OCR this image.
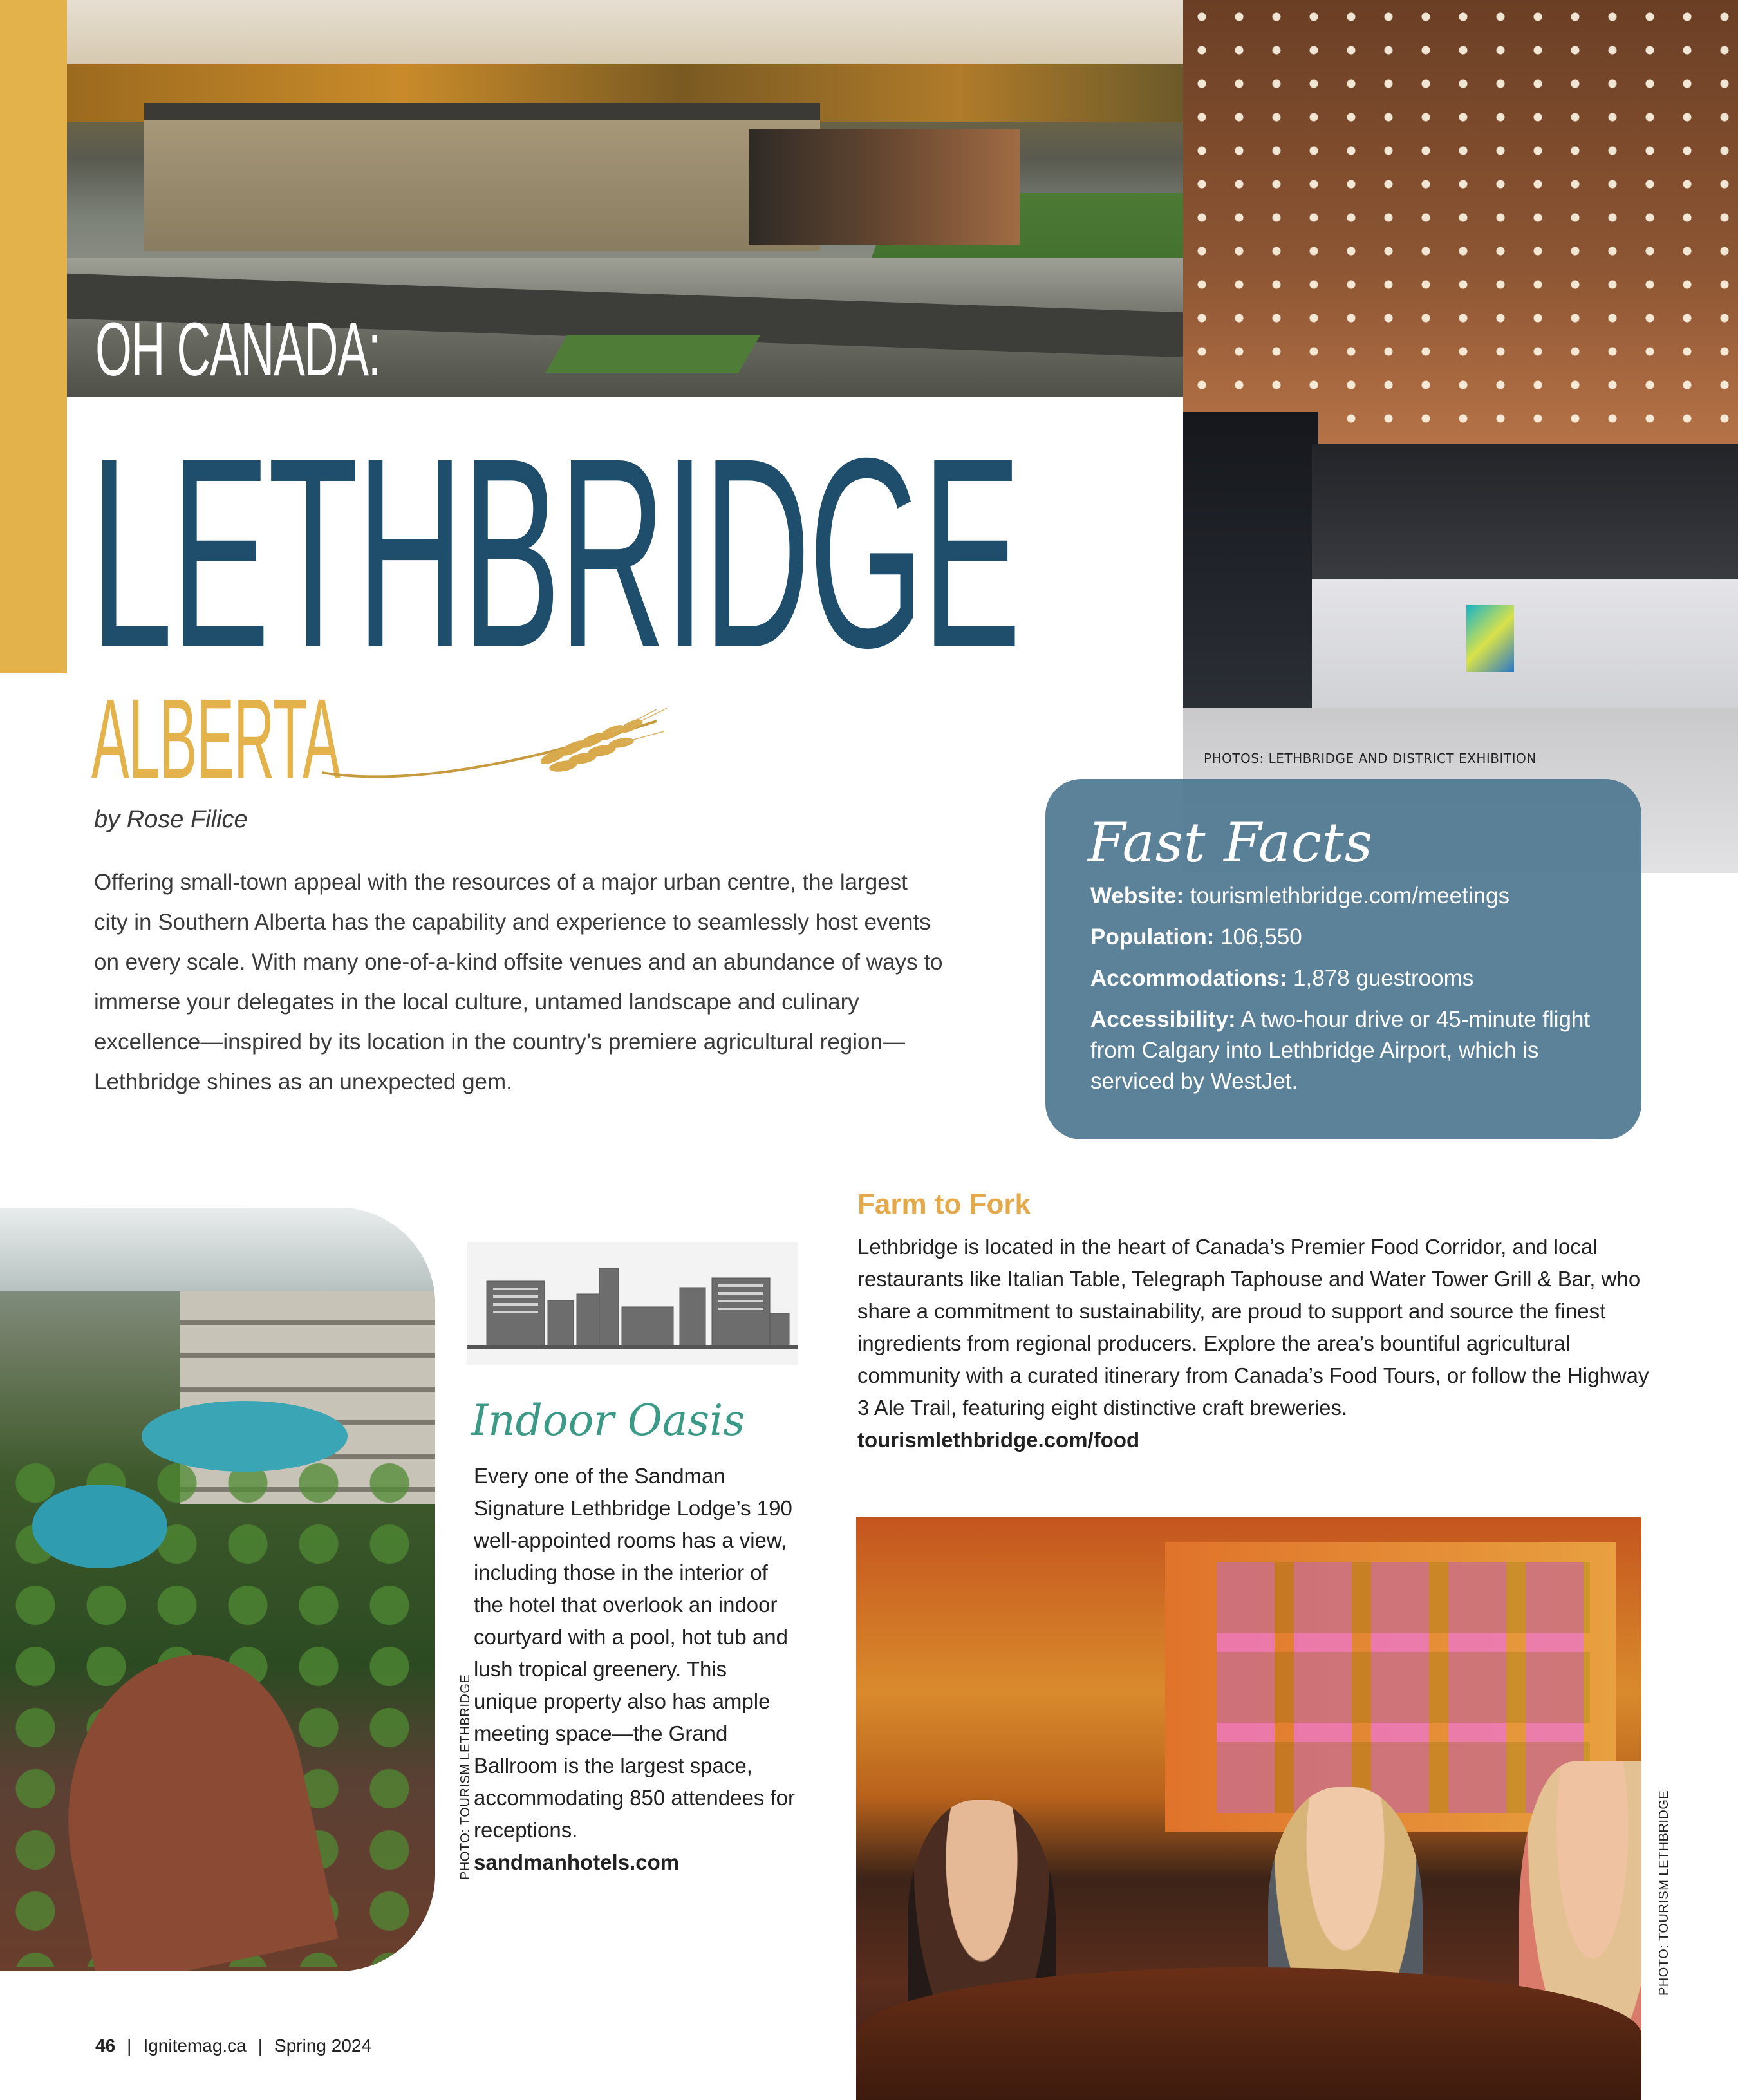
PHOTOS: LETHBRIDGE AND DISTRICT EXHIBITION
OH CANADA:
LETHBRIDGE
ALBERTA
by Rose Filice
Offering small-town appeal with the resources of a major urban centre, the largest city in Southern Alberta has the capability and experience to seamlessly host events on every scale. With many one-of-a-kind offsite venues and an abundance of ways to immerse your delegates in the local culture, untamed landscape and culinary excellence—inspired by its location in the country’s premiere agricultural region—Lethbridge shines as an unexpected gem.
Fast Facts
Website: tourismlethbridge.com/meetings
Population: 106,550
Accommodations: 1,878 guestrooms
Accessibility: A two-hour drive or 45-minute flight from Calgary into Lethbridge Airport, which is serviced by WestJet.
PHOTO: TOURISM LETHBRIDGE
Indoor Oasis
Every one of the Sandman Signature Lethbridge Lodge’s 190 well-appointed rooms has a view, including those in the interior of the hotel that overlook an indoor courtyard with a pool, hot tub and lush tropical greenery. This unique property also has ample meeting space—the Grand Ballroom is the largest space, accommodating 850 attendees for receptions.
sandmanhotels.com
Farm to Fork
Lethbridge is located in the heart of Canada’s Premier Food Corridor, and local restaurants like Italian Table, Telegraph Taphouse and Water Tower Grill & Bar, who share a commitment to sustainability, are proud to support and source the finest ingredients from regional producers. Explore the area’s bountiful agricultural community with a curated itinerary from Canada’s Food Tours, or follow the Highway 3 Ale Trail, featuring eight distinctive craft breweries.
tourismlethbridge.com/food
PHOTO: TOURISM LETHBRIDGE
46 | Ignitemag.ca | Spring 2024
